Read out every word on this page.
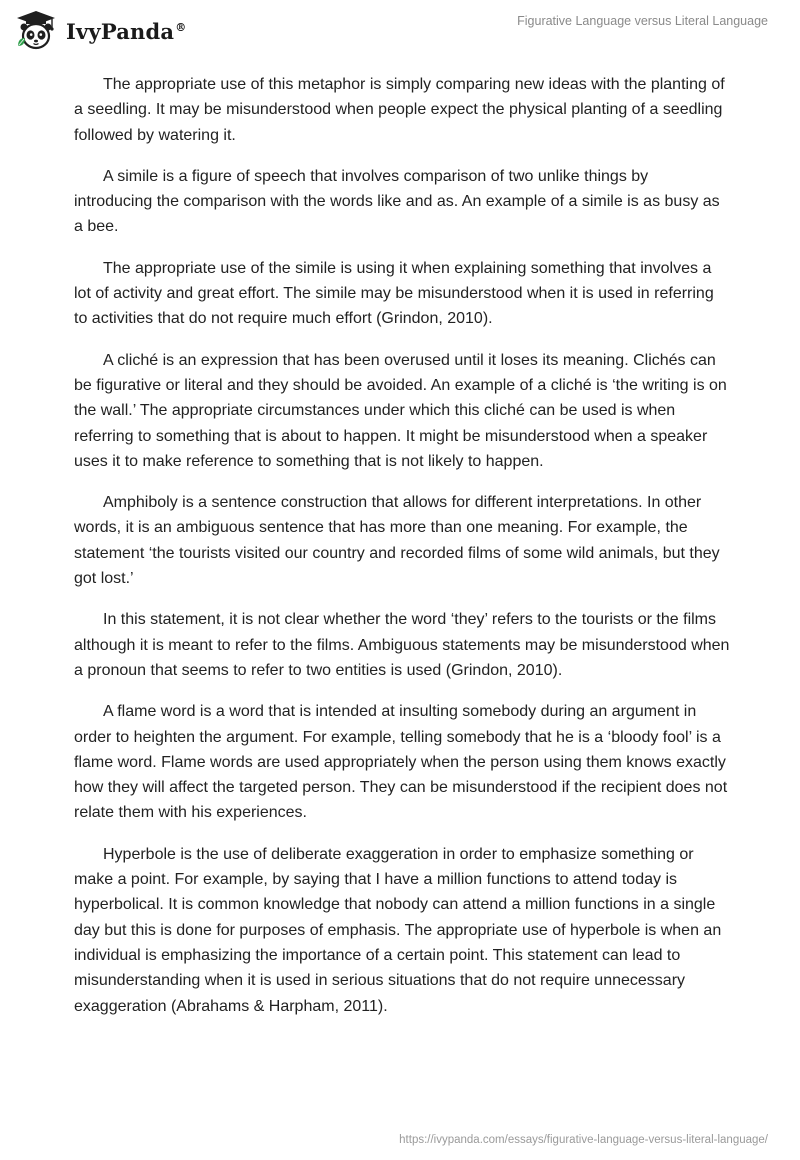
IvyPanda®	Figurative Language versus Literal Language

The appropriate use of this metaphor is simply comparing new ideas with the planting of a seedling. It may be misunderstood when people expect the physical planting of a seedling followed by watering it.

A simile is a figure of speech that involves comparison of two unlike things by introducing the comparison with the words like and as. An example of a simile is as busy as a bee.

The appropriate use of the simile is using it when explaining something that involves a lot of activity and great effort. The simile may be misunderstood when it is used in referring to activities that do not require much effort (Grindon, 2010).

A cliché is an expression that has been overused until it loses its meaning. Clichés can be figurative or literal and they should be avoided. An example of a cliché is ‘the writing is on the wall.’ The appropriate circumstances under which this cliché can be used is when referring to something that is about to happen. It might be misunderstood when a speaker uses it to make reference to something that is not likely to happen.

Amphiboly is a sentence construction that allows for different interpretations. In other words, it is an ambiguous sentence that has more than one meaning. For example, the statement ‘the tourists visited our country and recorded films of some wild animals, but they got lost.’

In this statement, it is not clear whether the word ‘they’ refers to the tourists or the films although it is meant to refer to the films. Ambiguous statements may be misunderstood when a pronoun that seems to refer to two entities is used (Grindon, 2010).

A flame word is a word that is intended at insulting somebody during an argument in order to heighten the argument. For example, telling somebody that he is a ‘bloody fool’ is a flame word. Flame words are used appropriately when the person using them knows exactly how they will affect the targeted person. They can be misunderstood if the recipient does not relate them with his experiences.

Hyperbole is the use of deliberate exaggeration in order to emphasize something or make a point. For example, by saying that I have a million functions to attend today is hyperbolical. It is common knowledge that nobody can attend a million functions in a single day but this is done for purposes of emphasis. The appropriate use of hyperbole is when an individual is emphasizing the importance of a certain point. This statement can lead to misunderstanding when it is used in serious situations that do not require unnecessary exaggeration (Abrahams & Harpham, 2011).

https://ivypanda.com/essays/figurative-language-versus-literal-language/
